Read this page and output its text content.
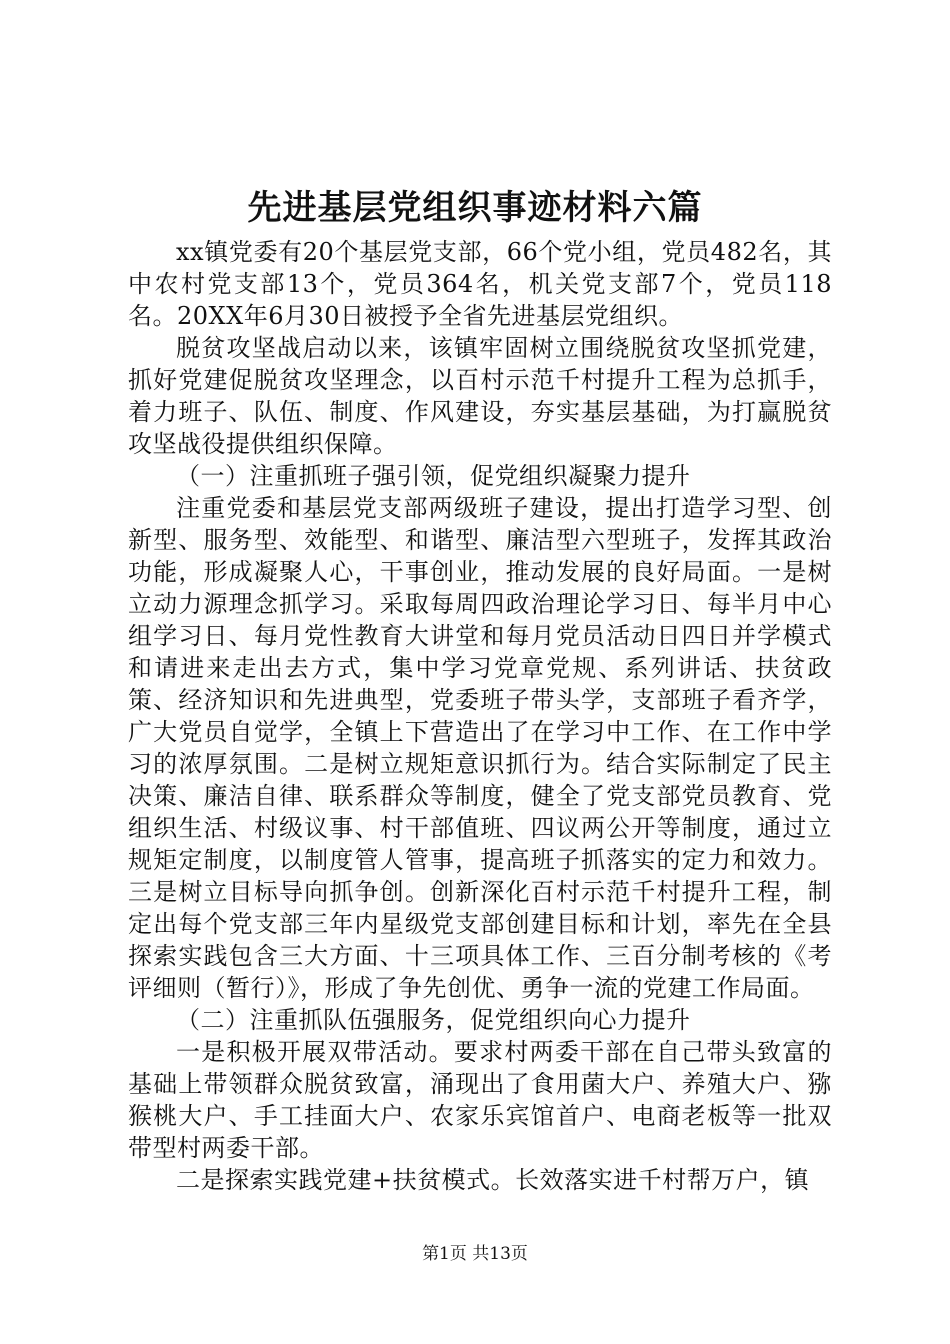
先进基层党组织事迹材料六篇

xx镇党委有20个基层党支部，66个党小组，党员482名，其中农村党支部13个，党员364名，机关党支部7个，党员118名。20XX年6月30日被授予全省先进基层党组织。

脱贫攻坚战启动以来，该镇牢固树立围绕脱贫攻坚抓党建，抓好党建促脱贫攻坚理念，以百村示范千村提升工程为总抓手，着力班子、队伍、制度、作风建设，夯实基层基础，为打赢脱贫攻坚战役提供组织保障。

（一）注重抓班子强引领，促党组织凝聚力提升

注重党委和基层党支部两级班子建设，提出打造学习型、创新型、服务型、效能型、和谐型、廉洁型六型班子，发挥其政治功能，形成凝聚人心，干事创业，推动发展的良好局面。一是树立动力源理念抓学习。采取每周四政治理论学习日、每半月中心组学习日、每月党性教育大讲堂和每月党员活动日四日并学模式和请进来走出去方式，集中学习党章党规、系列讲话、扶贫政策、经济知识和先进典型，党委班子带头学，支部班子看齐学，广大党员自觉学，全镇上下营造出了在学习中工作、在工作中学习的浓厚氛围。二是树立规矩意识抓行为。结合实际制定了民主决策、廉洁自律、联系群众等制度，健全了党支部党员教育、党组织生活、村级议事、村干部值班、四议两公开等制度，通过立规矩定制度，以制度管人管事，提高班子抓落实的定力和效力。三是树立目标导向抓争创。创新深化百村示范千村提升工程，制定出每个党支部三年内星级党支部创建目标和计划，率先在全县探索实践包含三大方面、十三项具体工作、三百分制考核的《考评细则（暂行）》，形成了争先创优、勇争一流的党建工作局面。

（二）注重抓队伍强服务，促党组织向心力提升

一是积极开展双带活动。要求村两委干部在自己带头致富的基础上带领群众脱贫致富，涌现出了食用菌大户、养殖大户、猕猴桃大户、手工挂面大户、农家乐宾馆首户、电商老板等一批双带型村两委干部。

二是探索实践党建+扶贫模式。长效落实进千村帮万户，镇

第1页 共13页
